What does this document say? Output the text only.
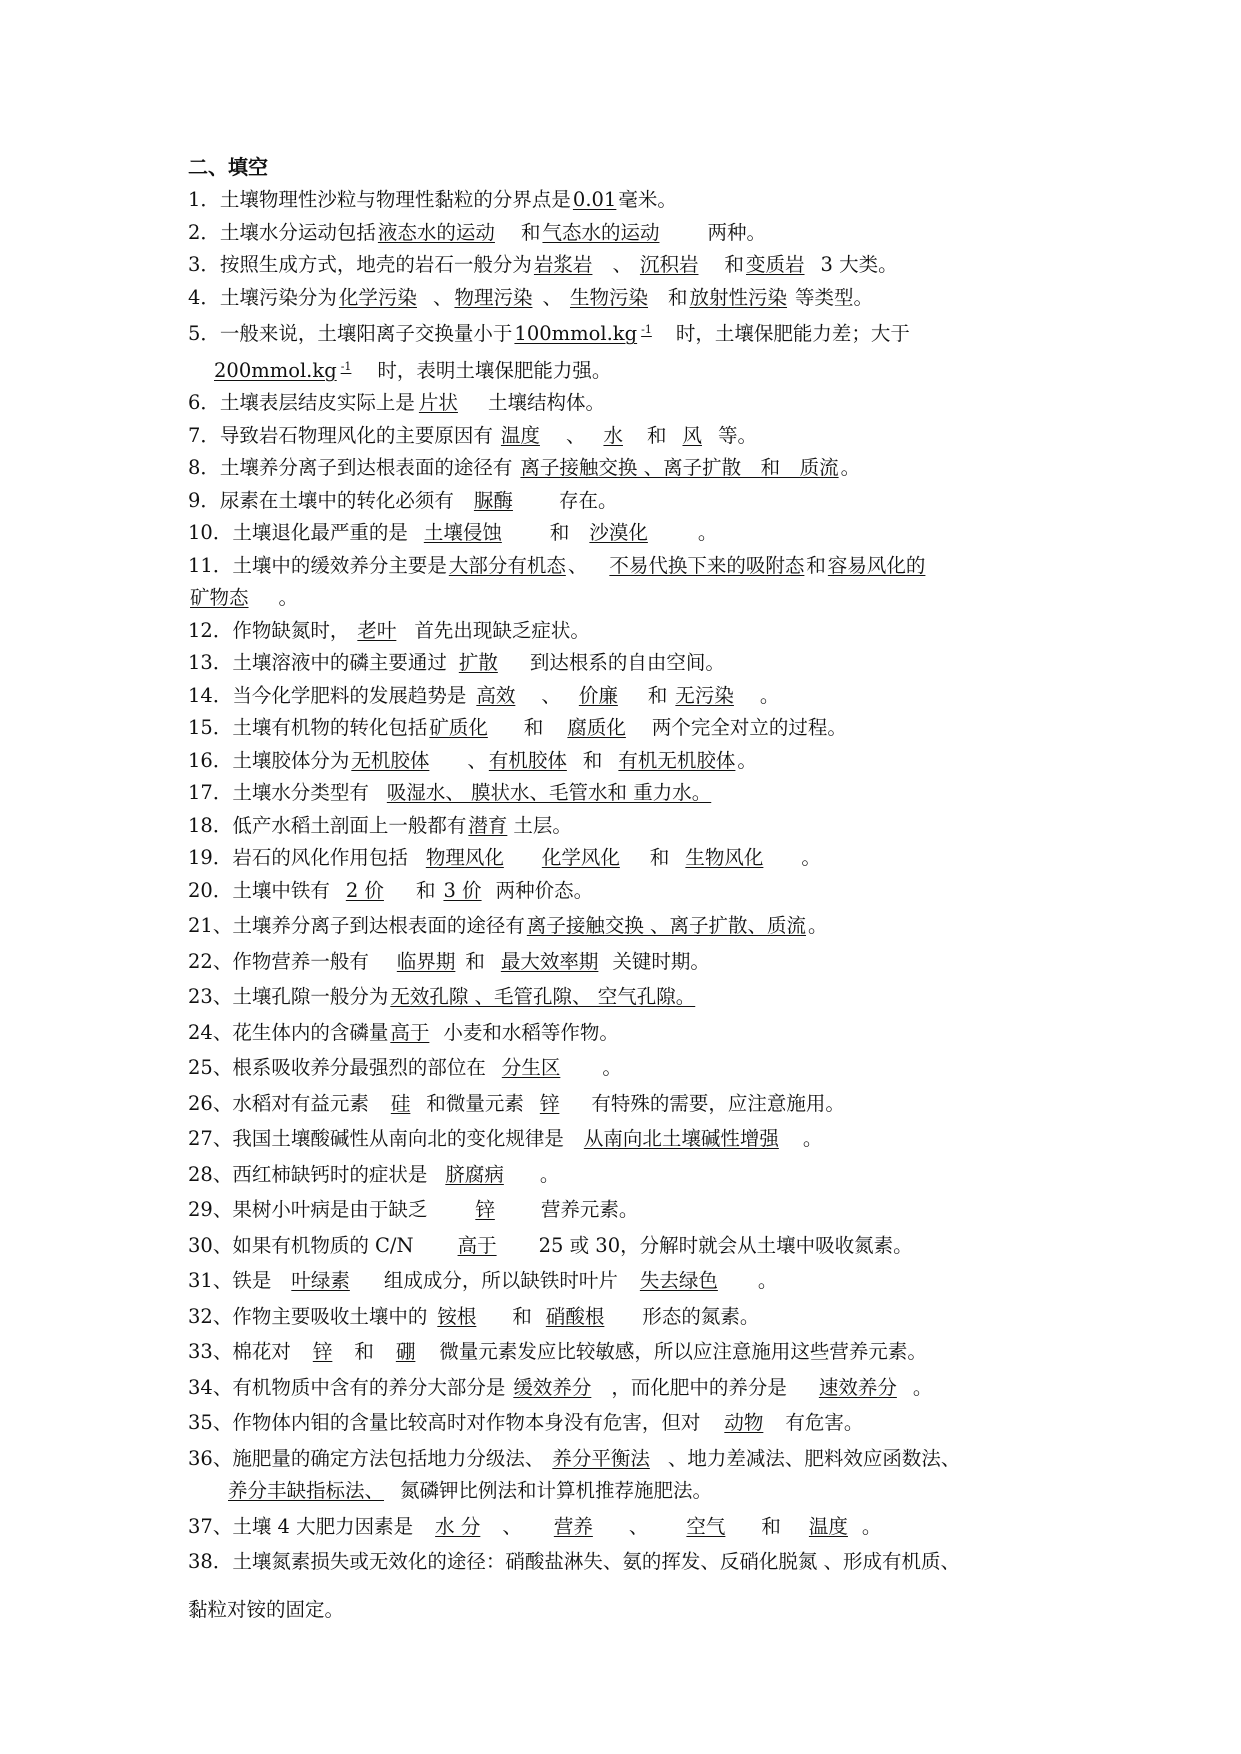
二、填空
1．土壤物理性沙粒与物理性黏粒的分界点是 0.01 毫米。
2．土壤水分运动包括 液态水的运动 和 气态水的运动 两种。
3．按照生成方式，地壳的岩石一般分为 岩浆岩 、 沉积岩 和 变质岩 3 大类。
4．土壤污染分为 化学污染 、 物理污染 、 生物污染 和 放射性污染 等类型。
5．一般来说，土壤阳离子交换量小于 100mmol.kg $^{-1}$ 时，土壤保肥能力差；大于
200mmol.kg $^{-1}$ 时，表明土壤保肥能力强。
6．土壤表层结皮实际上是 片状 土壤结构体。
7．导致岩石物理风化的主要原因有 温度 、 水 和 风 等。
8．土壤养分离子到达根表面的途径有 离子接触交换 、离子扩散　和　质流 。
9．尿素在土壤中的转化必须有 脲酶 存在。
10．土壤退化最严重的是 土壤侵蚀 和 沙漠化	。
11．土壤中的缓效养分主要是 大部分有机态 、 不易代换下来的吸附态 和 容易风化的
矿物态 。
12．作物缺氮时， 老叶 首先出现缺乏症状。
13．土壤溶液中的磷主要通过 扩散 到达根系的自由空间。
14．当今化学肥料的发展趋势是 高效 、 价廉 和 无污染 。
15．土壤有机物的转化包括 矿质化 和 腐质化 两个完全对立的过程。
16．土壤胶体分为 无机胶体 、 有机胶体 和 有机无机胶体 。
17．土壤水分类型有 吸湿水、 膜状水、毛管水和 重力水。
18．低产水稻土剖面上一般都有 潜育 土层。
19．岩石的风化作用包括 物理风化 化学风化 和 生物风化 。
20．土壤中铁有 2 价 和 3 价 两种价态。
21、土壤养分离子到达根表面的途径有 离子接触交换 、离子扩散、质流 。
22、作物营养一般有 临界期 和 最大效率期 关键时期。
23、土壤孔隙一般分为 无效孔隙 、毛管孔隙、 空气孔隙。
24、花生体内的含磷量 高于 小麦和水稻等作物。
25、根系吸收养分最强烈的部位在 分生区 。
26、水稻对有益元素 硅 和微量元素 锌 有特殊的需要，应注意施用。
27、我国土壤酸碱性从南向北的变化规律是 从南向北土壤碱性增强 。
28、西红柿缺钙时的症状是 脐腐病 。
29、果树小叶病是由于缺乏 锌 营养元素。
30、如果有机物质的 C/N 高于 25 或 30，分解时就会从土壤中吸收氮素。
31、铁是 叶绿素 组成成分，所以缺铁时叶片 失去绿色 。
32、作物主要吸收土壤中的 铵根 和 硝酸根 形态的氮素。
33、棉花对 锌 和 硼 微量元素发应比较敏感，所以应注意施用这些营养元素。
34、有机物质中含有的养分大部分是 缓效养分 ，而化肥中的养分是 速效养分 。
35、作物体内钼的含量比较高时对作物本身没有危害，但对 动物 有危害。
36、施肥量的确定方法包括地力分级法、 养分平衡法 、地力差减法、肥料效应函数法、
养分丰缺指标法、 氮磷钾比例法和计算机推荐施肥法。
37、土壤 4 大肥力因素是 水 分 、 营养 、 空气 和 温度 。
38．土壤氮素损失或无效化的途径：硝酸盐淋失、氨的挥发、反硝化脱氮 、形成有机质、

黏粒对铵的固定。
